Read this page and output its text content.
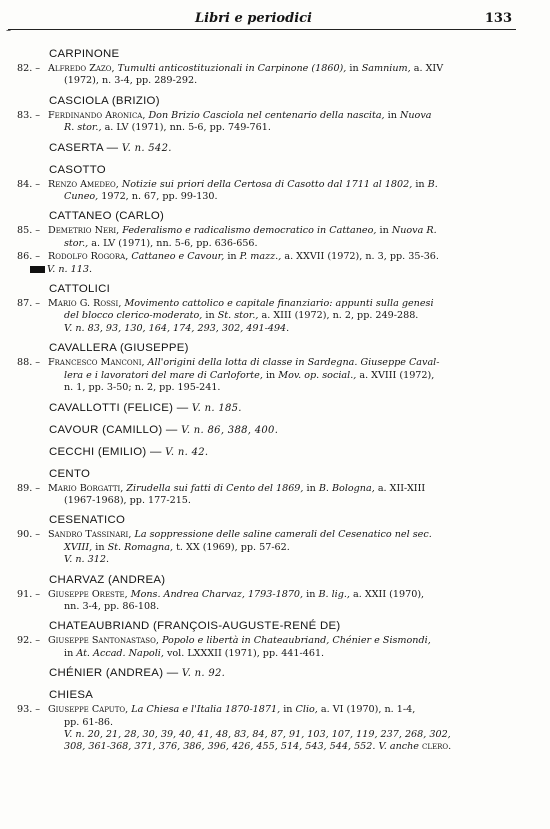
–
Libri e periodici	133
CARPINONE
82. – Alfredo Zazo, Tumulti anticostituzionali in Carpinone (1860), in Samnium, a. XIV
(1972), n. 3-4, pp. 289-292.
CASCIOLA (BRIZIO)
83. – Ferdinando Aronica, Don Brizio Casciola nel centenario della nascita, in Nuova
R. stor., a. LV (1971), nn. 5-6, pp. 749-761.
CASERTA — V. n. 542.
CASOTTO
84. – Renzo Amedeo, Notizie sui priori della Certosa di Casotto dal 1711 al 1802, in B.
Cuneo, 1972, n. 67, pp. 99-130.
CATTANEO (CARLO)
85. – Demetrio Neri, Federalismo e radicalismo democratico in Cattaneo, in Nuova R.
stor., a. LV (1971), nn. 5-6, pp. 636-656.
86. – Rodolfo Rogora, Cattaneo e Cavour, in P. mazz., a. XXVII (1972), n. 3, pp. 35-36.
V. n. 113.
CATTOLICI
87. – Mario G. Rossi, Movimento cattolico e capitale finanziario: appunti sulla genesi
del blocco clerico-moderato, in St. stor., a. XIII (1972), n. 2, pp. 249-288.
V. n. 83, 93, 130, 164, 174, 293, 302, 491-494.
CAVALLERA (GIUSEPPE)
88. – Francesco Manconi, All'origini della lotta di classe in Sardegna. Giuseppe Caval-
lera e i lavoratori del mare di Carloforte, in Mov. op. social., a. XVIII (1972),
n. 1, pp. 3-50; n. 2, pp. 195-241.
CAVALLOTTI (FELICE) — V. n. 185.
CAVOUR (CAMILLO) — V. n. 86, 388, 400.
CECCHI (EMILIO) — V. n. 42.
CENTO
89. – Mario Borgatti, Zirudella sui fatti di Cento del 1869, in B. Bologna, a. XII-XIII
(1967-1968), pp. 177-215.
CESENATICO
90. – Sandro Tassinari, La soppressione delle saline camerali del Cesenatico nel sec.
XVIII, in St. Romagna, t. XX (1969), pp. 57-62.
V. n. 312.
CHARVAZ (ANDREA)
91. – Giuseppe Oreste, Mons. Andrea Charvaz, 1793-1870, in B. lig., a. XXII (1970),
nn. 3-4, pp. 86-108.
CHATEAUBRIAND (FRANÇOIS-AUGUSTE-RENÉ DE)
92. – Giuseppe Santonastaso, Popolo e libertà in Chateaubriand, Chénier e Sismondi,
in At. Accad. Napoli, vol. LXXXII (1971), pp. 441-461.
CHÉNIER (ANDREA) — V. n. 92.
CHIESA
93. – Giuseppe Caputo, La Chiesa e l'Italia 1870-1871, in Clio, a. VI (1970), n. 1-4,
pp. 61-86.
V. n. 20, 21, 28, 30, 39, 40, 41, 48, 83, 84, 87, 91, 103, 107, 119, 237, 268, 302,
308, 361-368, 371, 376, 386, 396, 426, 455, 514, 543, 544, 552. V. anche clero.
